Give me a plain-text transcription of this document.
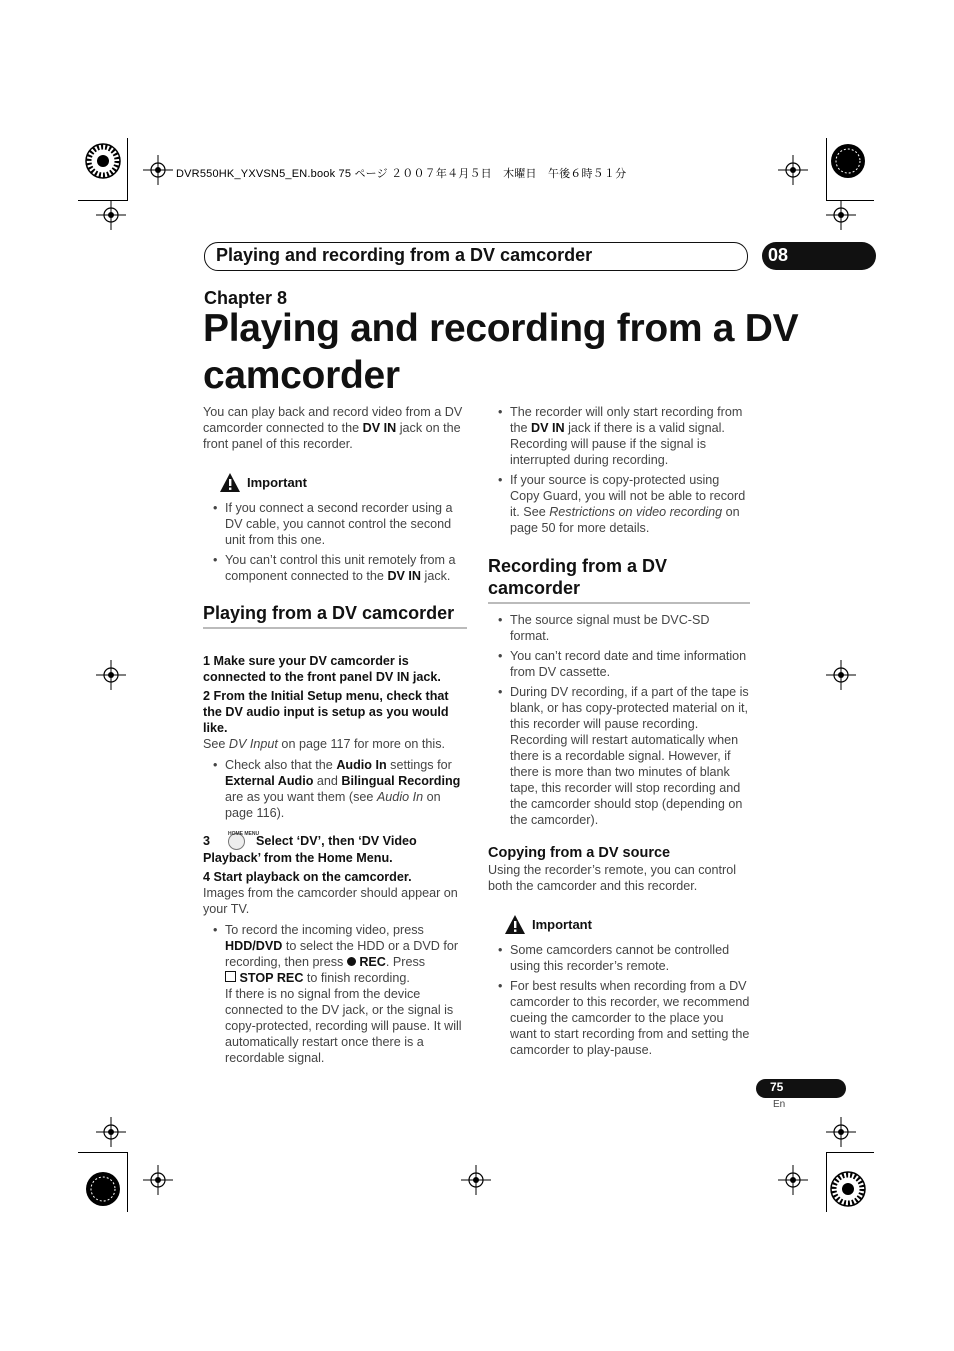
DVR550HK_YXVSN5_EN.book 75 ページ ２００７年４月５日　木曜日　午後６時５１分
Playing and recording from a DV camcorder	08
Chapter 8
Playing and recording from a DV camcorder

You can play back and record video from a DV camcorder connected to the DV IN jack on the front panel of this recorder.

Important
• If you connect a second recorder using a DV cable, you cannot control the second unit from this one.
• You can’t control this unit remotely from a component connected to the DV IN jack.
Playing from a DV camcorder

1 Make sure your DV camcorder is connected to the front panel DV IN jack.

2 From the Initial Setup menu, check that the DV audio input is setup as you would like.

See DV Input on page 117 for more on this.

• Check also that the Audio In settings for External Audio and Bilingual Recording are as you want them (see Audio In on page 116).
HOME MENU
3	Select ‘DV’, then ‘DV Video Playback’ from the Home Menu.

4 Start playback on the camcorder.

Images from the camcorder should appear on your TV.

• To record the incoming video, press HDD/DVD to select the HDD or a DVD for recording, then press  REC. Press
STOP REC to finish recording.
If there is no signal from the device connected to the DV jack, or the signal is copy-protected, recording will pause. It will automatically restart once there is a recordable signal.
• The recorder will only start recording from the DV IN jack if there is a valid signal. Recording will pause if the signal is interrupted during recording.
• If your source is copy-protected using Copy Guard, you will not be able to record it. See Restrictions on video recording on page 50 for more details.
Recording from a DV camcorder
• The source signal must be DVC-SD format.
• You can’t record date and time information from DV cassette.
• During DV recording, if a part of the tape is blank, or has copy-protected material on it, this recorder will pause recording. Recording will restart automatically when there is a recordable signal. However, if there is more than two minutes of blank tape, this recorder will stop recording and the camcorder should stop (depending on the camcorder).
Copying from a DV source

Using the recorder’s remote, you can control both the camcorder and this recorder.

Important
• Some camcorders cannot be controlled using this recorder’s remote.
• For best results when recording from a DV camcorder to this recorder, we recommend cueing the camcorder to the place you want to start recording from and setting the camcorder to play-pause.
75
En
